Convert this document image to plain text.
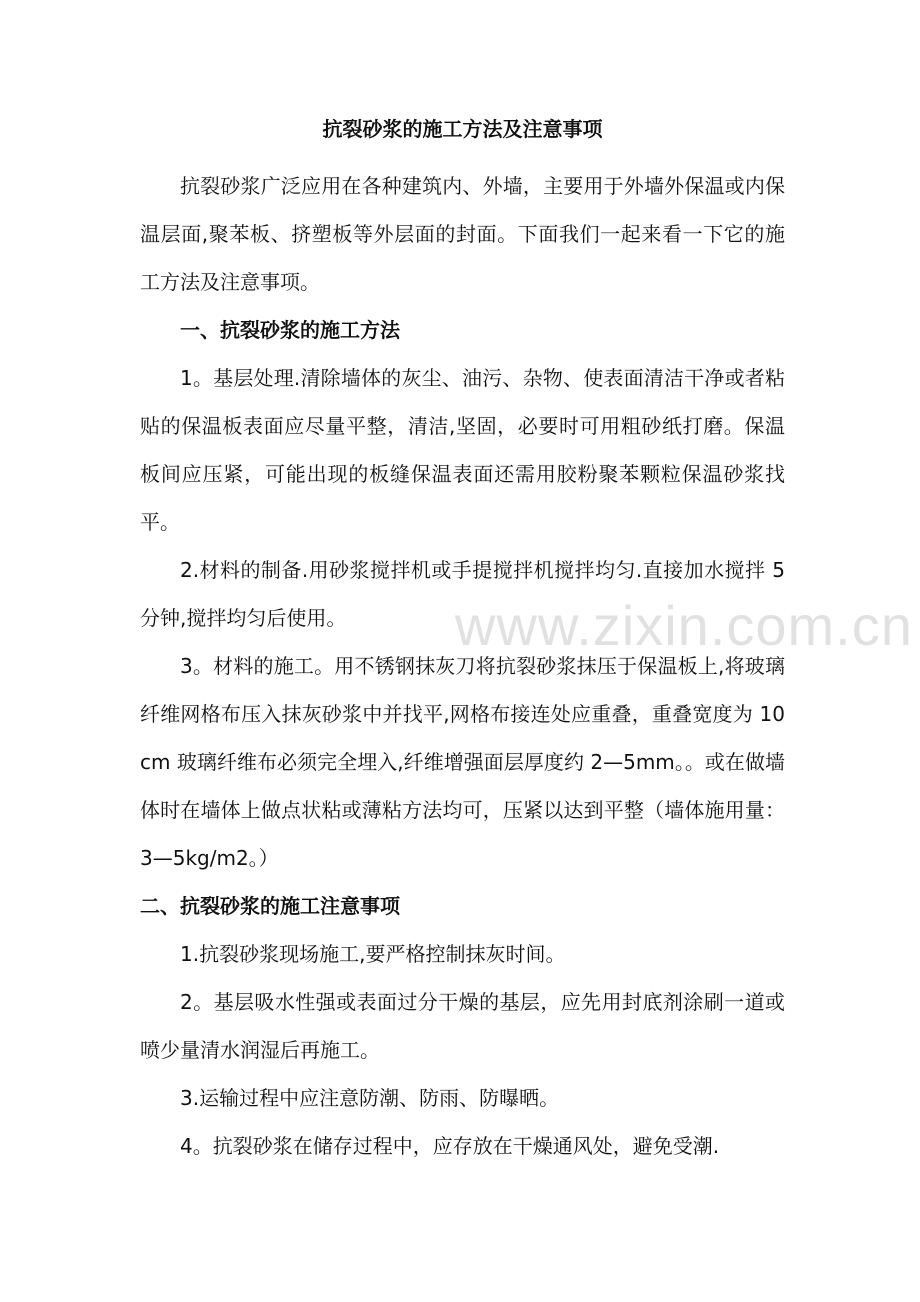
抗裂砂浆的施工方法及注意事项

抗裂砂浆广泛应用在各种建筑内、外墙，主要用于外墙外保温或内保温层面,聚苯板、挤塑板等外层面的封面。下面我们一起来看一下它的施工方法及注意事项。

一、抗裂砂浆的施工方法

1。基层处理.清除墙体的灰尘、油污、杂物、使表面清洁干净或者粘贴的保温板表面应尽量平整，清洁,坚固，必要时可用粗砂纸打磨。保温板间应压紧，可能出现的板缝保温表面还需用胶粉聚苯颗粒保温砂浆找平。

2.材料的制备.用砂浆搅拌机或手提搅拌机搅拌均匀.直接加水搅拌 5 分钟,搅拌均匀后使用。

3。材料的施工。用不锈钢抹灰刀将抗裂砂浆抹压于保温板上,将玻璃纤维网格布压入抹灰砂浆中并找平,网格布接连处应重叠，重叠宽度为 10cm 玻璃纤维布必须完全埋入,纤维增强面层厚度约 2—5mm。。或在做墙体时在墙体上做点状粘或薄粘方法均可，压紧以达到平整（墙体施用量：3—5kg/m2。）

二、抗裂砂浆的施工注意事项

1.抗裂砂浆现场施工,要严格控制抹灰时间。

2。基层吸水性强或表面过分干燥的基层，应先用封底剂涂刷一道或喷少量清水润湿后再施工。

3.运输过程中应注意防潮、防雨、防曝晒。

4。抗裂砂浆在储存过程中，应存放在干燥通风处，避免受潮.

www.zixin.com.cn
